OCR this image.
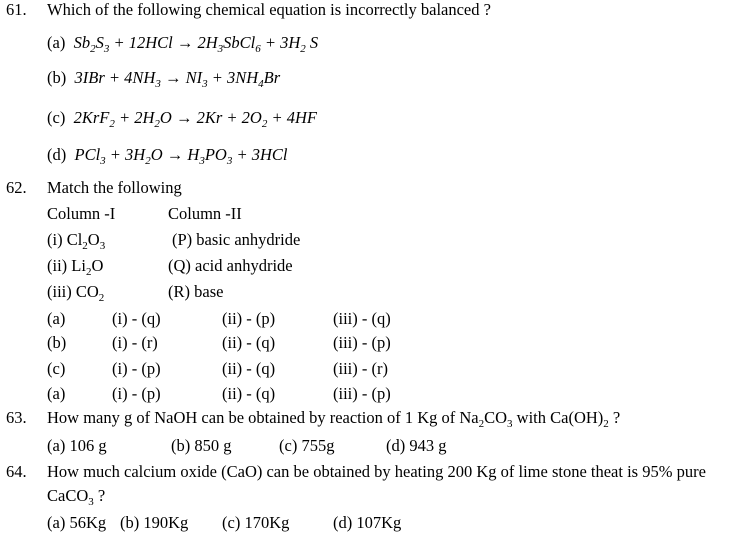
61. Which of the following chemical equation is incorrectly balanced ?
(a) $Sb_2S_3 + 12HCl$ → $2H_3SbCl_6 + 3H_2$ S
(b) $3IBr + 4NH_3 \to NI_3 + 3NH_4Br$
(c) $2KrF_2 + 2H_2O \to 2Kr + 2O_2 + 4HF$
(d) $PCl_3 + 3H_2O \to H_3PO_3 + 3HCl$
62. Match the following
Column -I	Column -II
(i) $Cl_2O_3$	(P) basic anhydride
(ii) $Li_2O$	(Q) acid anhydride
(iii) $CO_2$	(R) base
(a)	(i) - (q)	(ii) - (p)	(iii) - (q)
(b)	(i) - (r)	(ii) - (q)	(iii) - (p)
(c)	(i) - (p)	(ii) - (q)	(iii) - (r)
(a)	(i) - (p)	(ii) - (q)	(iii) - (p)
63. How many g of NaOH can be obtained by reaction of 1 Kg of $Na_2CO_3$ with $Ca(OH)_2$ ?
(a) 106 g	(b) 850 g	(c) 755g	(d) 943 g
64. How much calcium oxide (CaO) can be obtained by heating 200 Kg of lime stone theat is 95% pure
CaCO$_3$ ?
(a) 56Kg (b) 190Kg (c) 170Kg	(d) 107Kg
